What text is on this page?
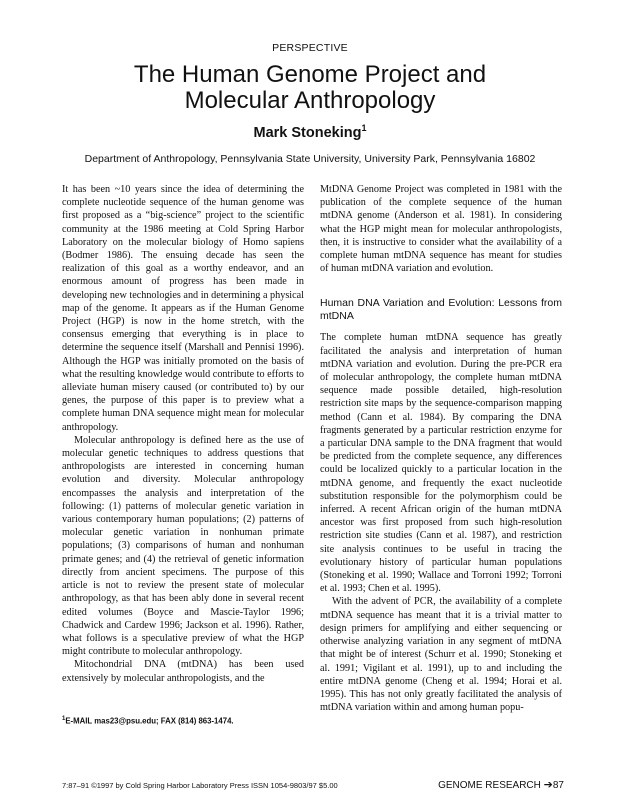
PERSPECTIVE
The Human Genome Project and
Molecular Anthropology
Mark Stoneking$^1$
Department of Anthropology, Pennsylvania State University, University Park, Pennsylvania 16802

It has been ~10 years since the idea of determining the complete nucleotide sequence of the human genome was first proposed as a “big-science” project to the scientific community at the 1986 meeting at Cold Spring Harbor Laboratory on the molecular biology of Homo sapiens (Bodmer 1986). The ensuing decade has seen the realization of this goal as a worthy endeavor, and an enormous amount of progress has been made in developing new technologies and in determining a physical map of the genome. It appears as if the Human Genome Project (HGP) is now in the home stretch, with the consensus emerging that everything is in place to determine the sequence itself (Marshall and Pennisi 1996). Although the HGP was initially promoted on the basis of what the resulting knowledge would contribute to efforts to alleviate human misery caused (or contributed to) by our genes, the purpose of this paper is to preview what a complete human DNA sequence might mean for molecular anthropology.

Molecular anthropology is defined here as the use of molecular genetic techniques to address questions that anthropologists are interested in concerning human evolution and diversity. Molecular anthropology encompasses the analysis and interpretation of the following: (1) patterns of molecular genetic variation in various contemporary human populations; (2) patterns of molecular genetic variation in nonhuman primate populations; (3) comparisons of human and nonhuman primate genes; and (4) the retrieval of genetic information directly from ancient specimens. The purpose of this article is not to review the present state of molecular anthropology, as that has been ably done in several recent edited volumes (Boyce and Mascie-Taylor 1996; Chadwick and Cardew 1996; Jackson et al. 1996). Rather, what follows is a speculative preview of what the HGP might contribute to molecular anthropology.

Mitochondrial DNA (mtDNA) has been used extensively by molecular anthropologists, and the

MtDNA Genome Project was completed in 1981 with the publication of the complete sequence of the human mtDNA genome (Anderson et al. 1981). In considering what the HGP might mean for molecular anthropologists, then, it is instructive to consider what the availability of a complete human mtDNA sequence has meant for studies of human mtDNA variation and evolution.

Human DNA Variation and Evolution: Lessons from mtDNA

The complete human mtDNA sequence has greatly facilitated the analysis and interpretation of human mtDNA variation and evolution. During the pre-PCR era of molecular anthropology, the complete human mtDNA sequence made possible detailed, high-resolution restriction site maps by the sequence-comparison mapping method (Cann et al. 1984). By comparing the DNA fragments generated by a particular restriction enzyme for a particular DNA sample to the DNA fragment that would be predicted from the complete sequence, any differences could be localized quickly to a particular location in the mtDNA genome, and frequently the exact nucleotide substitution responsible for the polymorphism could be inferred. A recent African origin of the human mtDNA ancestor was first proposed from such high-resolution restriction site studies (Cann et al. 1987), and restriction site analysis continues to be useful in tracing the evolutionary history of particular human populations (Stoneking et al. 1990; Wallace and Torroni 1992; Torroni et al. 1993; Chen et al. 1995).

With the advent of PCR, the availability of a complete mtDNA sequence has meant that it is a trivial matter to design primers for amplifying and either sequencing or otherwise analyzing variation in any segment of mtDNA that might be of interest (Schurr et al. 1990; Stoneking et al. 1991; Vigilant et al. 1991), up to and including the entire mtDNA genome (Cheng et al. 1994; Horai et al. 1995). This has not only greatly facilitated the analysis of mtDNA variation within and among human popu-

$^1$E-MAIL mas23@psu.edu; FAX (814) 863-1474.
7:87–91 ©1997 by Cold Spring Harbor Laboratory Press ISSN 1054-9803/97 $5.00	GENOME RESEARCH ➔87
